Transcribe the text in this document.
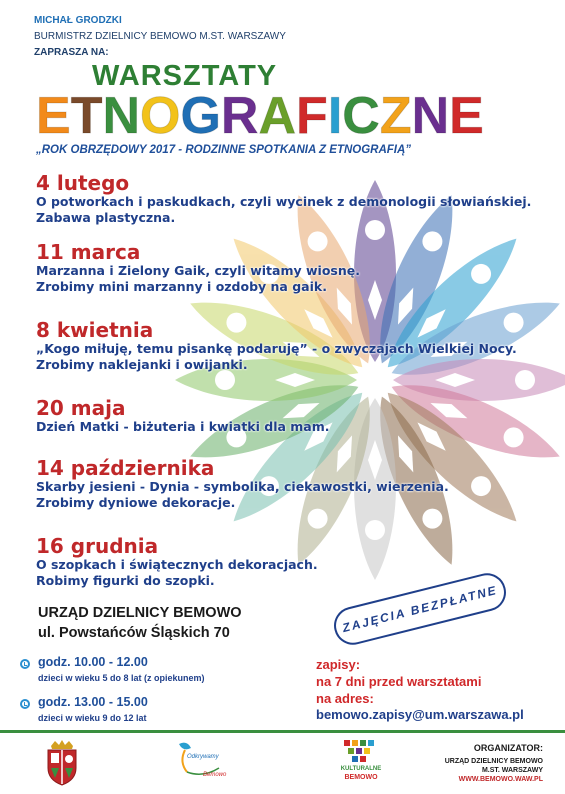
MICHAŁ GRODZKI
BURMISTRZ DZIELNICY BEMOWO M.ST. WARSZAWY
ZAPRASZA NA:
WARSZTATY
ETNOGRAFICZNE
„ROK OBRZĘDOWY 2017 - RODZINNE SPOTKANIA Z ETNOGRAFIĄ”
4 lutego
O potworkach i paskudkach, czyli wycinek z demonologii słowiańskiej.
Zabawa plastyczna.
11 marca
Marzanna i Zielony Gaik, czyli witamy wiosnę.
Zrobimy mini marzanny i ozdoby na gaik.
8 kwietnia
„Kogo miłuję, temu pisankę podaruję” - o zwyczajach Wielkiej Nocy.
Zrobimy naklejanki i owijanki.
20 maja
Dzień Matki - biżuteria i kwiatki dla mam.
14 października
Skarby jesieni - Dynia - symbolika, ciekawostki, wierzenia.
Zrobimy dyniowe dekoracje.
16 grudnia
O szopkach i świątecznych dekoracjach.
Robimy figurki do szopki.
URZĄD DZIELNICY BEMOWO
ul. Powstańców Śląskich 70	ZAJĘCIA BEZPŁATNE
godz. 10.00 - 12.00
dzieci w wieku 5 do 8 lat (z opiekunem)
godz. 13.00 - 15.00
dzieci w wieku 9 do 12 lat
zapisy:
na 7 dni przed warsztatami
na adres:
bemowo.zapisy@um.warszawa.pl
Odkrywamy
Bemowo
KULTURALNE
BEMOWO
ORGANIZATOR:
URZĄD DZIELNICY BEMOWO
M.ST. WARSZAWY
WWW.BEMOWO.WAW.PL
